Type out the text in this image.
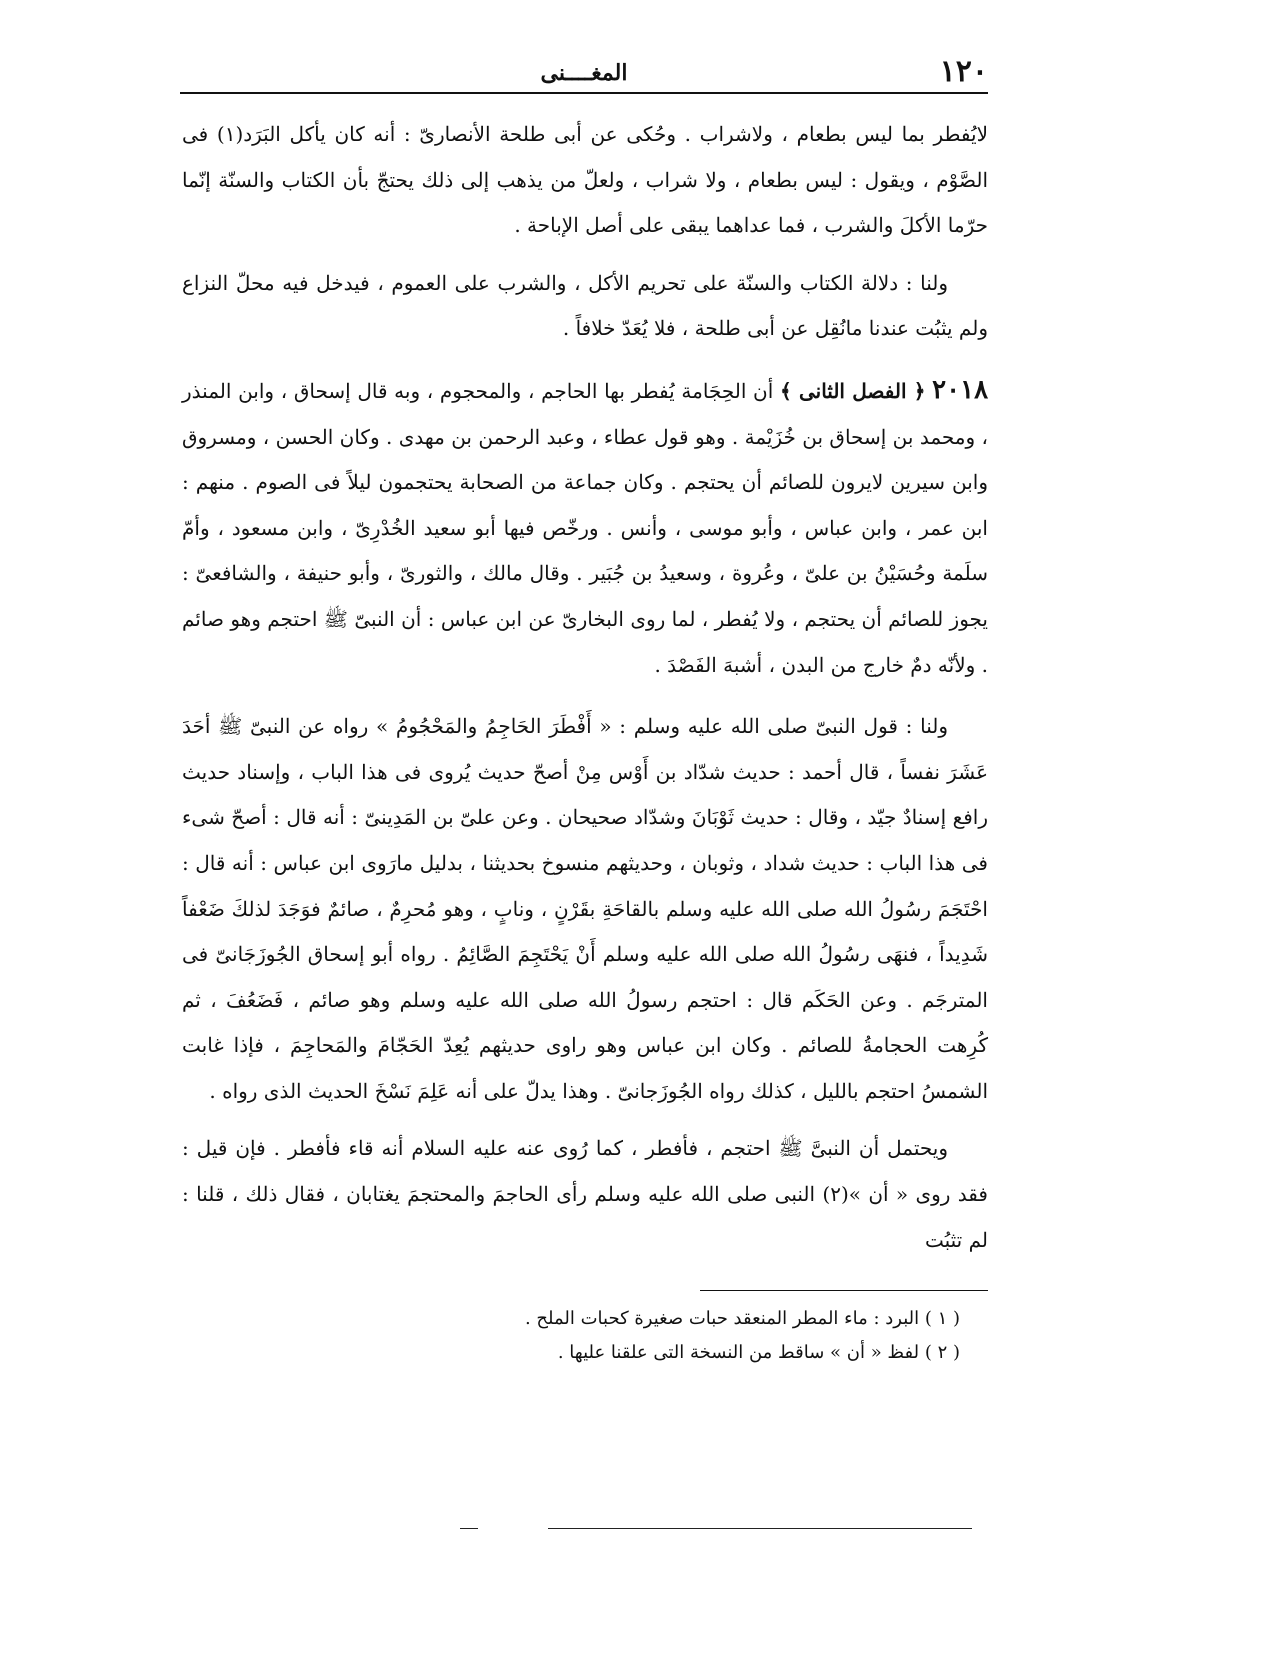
١٢٠
المغــــنى

لايُفطر بما ليس بطعام ، ولاشراب . وحُكى عن أبى طلحة الأنصارىّ : أنه كان يأكل البَرَد(١) فى الصَّوْم ، ويقول : ليس بطعام ، ولا شراب ، ولعلّ من يذهب إلى ذلك يحتجّ بأن الكتاب والسنّة إنّما حرّما الأكلَ والشرب ، فما عداهما يبقى على أصل الإباحة .

ولنا : دلالة الكتاب والسنّة على تحريم الأكل ، والشرب على العموم ، فيدخل فيه محلّ النزاع ولم يثبُت عندنا مانُقِل عن أبى طلحة ، فلا يُعَدّ خلافاً .

٢٠١٨ ﴿ الفصل الثانى ﴾ أن الحِجَامة يُفطر بها الحاجم ، والمحجوم ، وبه قال إسحاق ، وابن المنذر ، ومحمد بن إسحاق بن خُزَيْمة . وهو قول عطاء ، وعبد الرحمن بن مهدى . وكان الحسن ، ومسروق وابن سيرين لايرون للصائم أن يحتجم . وكان جماعة من الصحابة يحتجمون ليلاً فى الصوم . منهم : ابن عمر ، وابن عباس ، وأبو موسى ، وأنس . ورخّص فيها أبو سعيد الخُدْرِىّ ، وابن مسعود ، وأمّ سلَمة وحُسَيْنُ بن علىّ ، وعُروة ، وسعيدُ بن جُبَير . وقال مالك ، والثورىّ ، وأبو حنيفة ، والشافعىّ : يجوز للصائم أن يحتجم ، ولا يُفطر ، لما روى البخارىّ عن ابن عباس : أن النبىّ ﷺ احتجم وهو صائم . ولأنّه دمٌ خارج من البدن ، أشبهَ الفَصْدَ .

ولنا : قول النبىّ صلى الله عليه وسلم : « أَفْطَرَ الحَاجِمُ والمَحْجُومُ » رواه عن النبىّ ﷺ أحَدَ عَشَرَ نفساً ، قال أحمد : حديث شدّاد بن أَوْس مِنْ أصحّ حديث يُروى فى هذا الباب ، وإسناد حديث رافع إسنادٌ جيّد ، وقال : حديث ثَوْبَانَ وشدّاد صحيحان . وعن علىّ بن المَدِينىّ : أنه قال : أصحّ شىء فى هذا الباب : حديث شداد ، وثوبان ، وحديثهم منسوخ بحديثنا ، بدليل مارَوى ابن عباس : أنه قال : احْتَجَمَ رسُولُ الله صلى الله عليه وسلم بالقاحَةِ بقَرْنٍ ، ونابٍ ، وهو مُحرِمٌ ، صائمٌ فوَجَدَ لذلكَ ضَعْفاً شَدِيداً ، فنهَى رسُولُ الله صلى الله عليه وسلم أَنْ يَحْتَجِمَ الصَّائِمُ . رواه أبو إسحاق الجُوزَجَانىّ فى المترجَم . وعن الحَكَم قال : احتجم رسولُ الله صلى الله عليه وسلم وهو صائم ، فَضَعُفَ ، ثم كُرِهت الحجامةُ للصائم . وكان ابن عباس وهو راوى حديثهم يُعِدّ الحَجّامَ والمَحاجِمَ ، فإذا غابت الشمسُ احتجم بالليل ، كذلك رواه الجُوزَجانىّ . وهذا يدلّ على أنه عَلِمَ نَسْخَ الحديث الذى رواه .

ويحتمل أن النبىَّ ﷺ احتجم ، فأفطر ، كما رُوى عنه عليه السلام أنه قاء فأفطر . فإن قيل : فقد روى « أن »(٢) النبى صلى الله عليه وسلم رأى الحاجمَ والمحتجمَ يغتابان ، فقال ذلك ، قلنا : لم تثبُت

( ١ ) البرد : ماء المطر المنعقد حبات صغيرة كحبات الملح .

( ٢ ) لفظ « أن » ساقط من النسخة التى علقنا عليها .
